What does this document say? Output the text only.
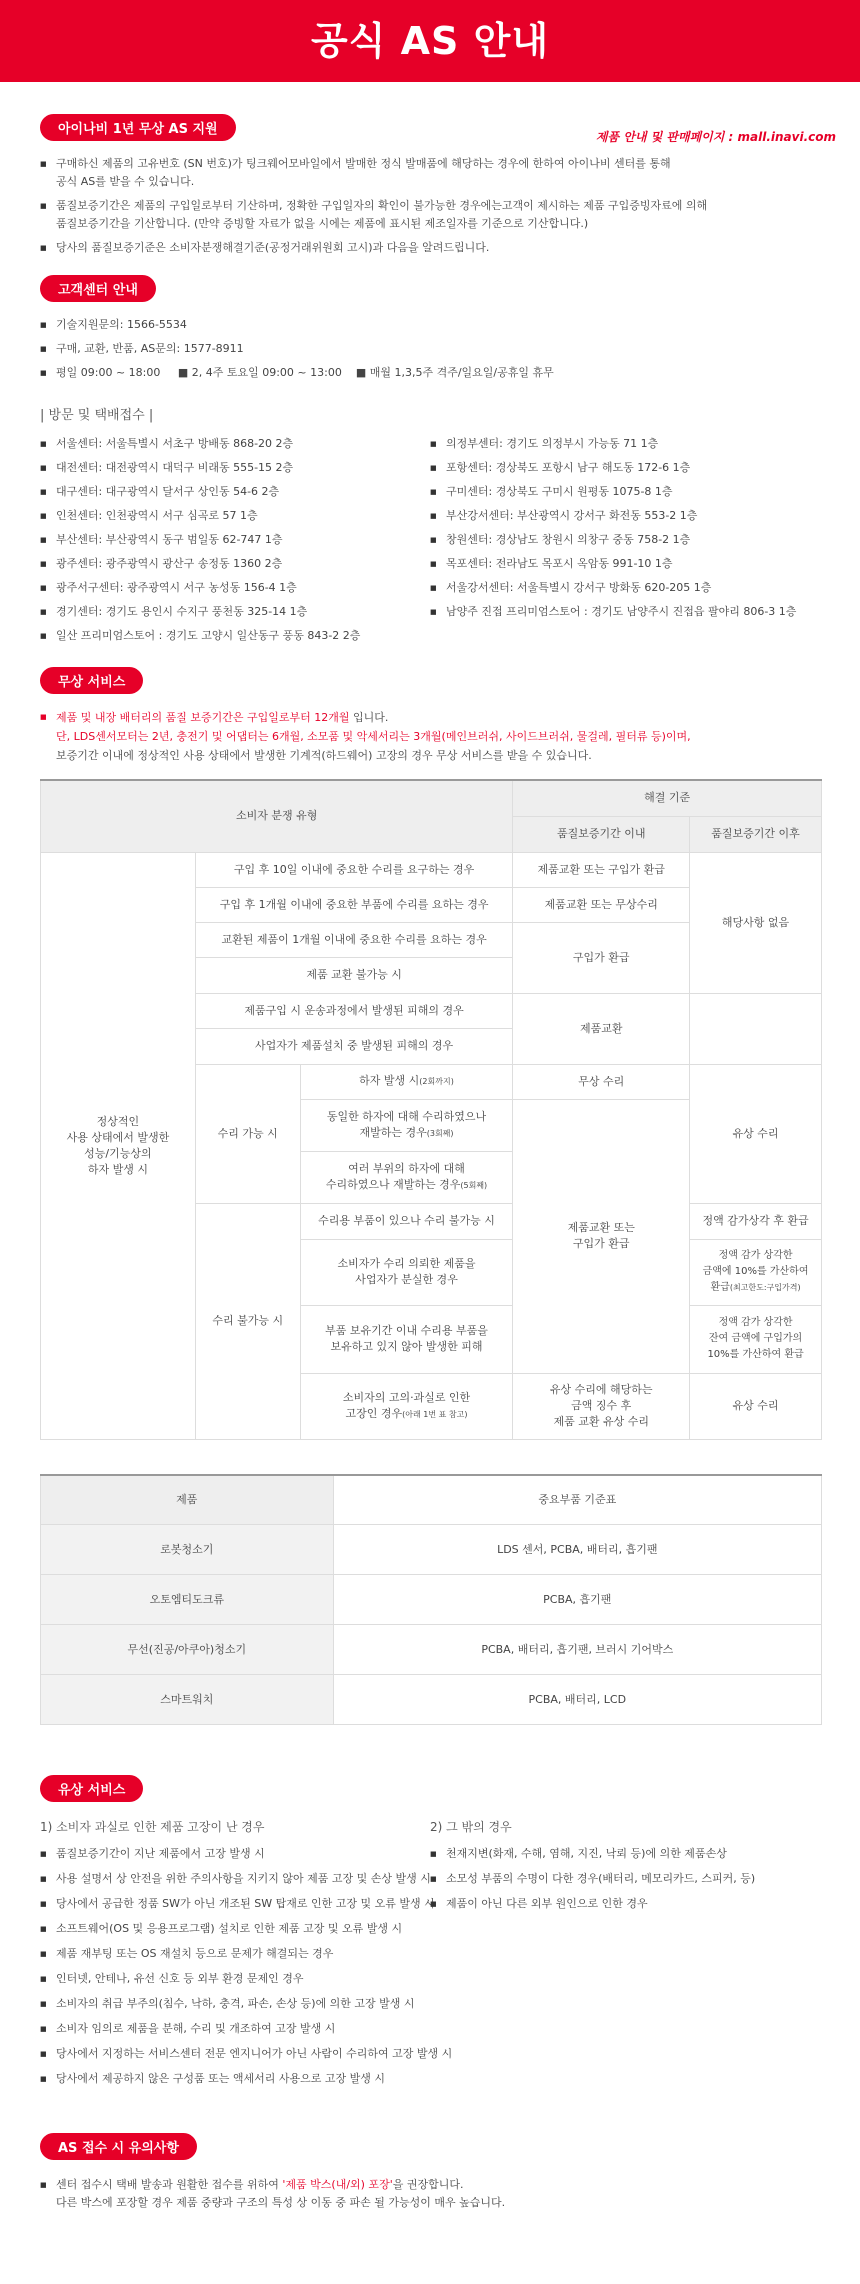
공식 AS 안내
제품 안내 및 판매페이지 : mall.inavi.com
아이나비 1년 무상 AS 지원
■ 구매하신 제품의 고유번호 (SN 번호)가 팅크웨어모바일에서 발매한 정식 발매품에 해당하는 경우에 한하여 아이나비 센터를 통해
공식 AS를 받을 수 있습니다.
■ 품질보증기간은 제품의 구입일로부터 기산하며, 정확한 구입일자의 확인이 불가능한 경우에는고객이 제시하는 제품 구입증빙자료에 의해
품질보증기간을 기산합니다. (만약 증빙할 자료가 없을 시에는 제품에 표시된 제조일자를 기준으로 기산합니다.)
■ 당사의 품질보증기준은 소비자분쟁해결기준(공정거래위원회 고시)과 다음을 알려드립니다.
고객센터 안내
■ 기술지원문의: 1566-5534
■ 구매, 교환, 반품, AS문의: 1577-8911
■ 평일 09:00 ~ 18:00     ■ 2, 4주 토요일 09:00 ~ 13:00    ■ 매월 1,3,5주 격주/일요일/공휴일 휴무
| 방문 및 택배접수 |
■ 서울센터: 서울특별시 서초구 방배동 868-20 2층
■ 대전센터: 대전광역시 대덕구 비래동 555-15 2층
■ 대구센터: 대구광역시 달서구 상인동 54-6 2층
■ 인천센터: 인천광역시 서구 심곡로 57 1층
■ 부산센터: 부산광역시 동구 범일동 62-747 1층
■ 광주센터: 광주광역시 광산구 송정동 1360 2층
■ 광주서구센터: 광주광역시 서구 농성동 156-4 1층
■ 경기센터: 경기도 용인시 수지구 풍천동 325-14 1층
■ 일산 프리미엄스토어 : 경기도 고양시 일산동구 풍동 843-2 2층
■ 의정부센터: 경기도 의정부시 가능동 71 1층
■ 포항센터: 경상북도 포항시 남구 해도동 172-6 1층
■ 구미센터: 경상북도 구미시 원평동 1075-8 1층
■ 부산강서센터: 부산광역시 강서구 화전동 553-2 1층
■ 창원센터: 경상남도 창원시 의창구 중동 758-2 1층
■ 목포센터: 전라남도 목포시 옥암동 991-10 1층
■ 서울강서센터: 서울특별시 강서구 방화동 620-205 1층
■ 남양주 진접 프리미엄스토어 : 경기도 남양주시 진접읍 팔야리 806-3 1층
무상 서비스
■ 제품 및 내장 배터리의 품질 보증기간은 구입일로부터 12개월 입니다.
단, LDS센서모터는 2년, 충전기 및 어댑터는 6개월, 소모품 및 악세서리는 3개월(메인브러쉬, 사이드브러쉬, 물걸레, 필터류 등)이며,
보증기간 이내에 정상적인 사용 상태에서 발생한 기계적(하드웨어) 고장의 경우 무상 서비스를 받을 수 있습니다.
소비자 분쟁 유형			해결 기준	
			품질보증기간 이내	품질보증기간 이후
정상적인
사용 상태에서 발생한
성능/기능상의
하자 발생 시	구입 후 10일 이내에 중요한 수리를 요구하는 경우		제품교환 또는 구입가 환급	해당사항 없음
	구입 후 1개월 이내에 중요한 부품에 수리를 요하는 경우		제품교환 또는 무상수리	
	교환된 제품이 1개월 이내에 중요한 수리를 요하는 경우		구입가 환급	
	제품 교환 불가능 시			
	제품구입 시 운송과정에서 발생된 피해의 경우		제품교환	
	사업자가 제품설치 중 발생된 피해의 경우			
	수리 가능 시	하자 발생 시(2회까지)	무상 수리	유상 수리
		동일한 하자에 대해 수리하였으나
재발하는 경우(3회째)	제품교환 또는
구입가 환급	
		여러 부위의 하자에 대해
수리하였으나 재발하는 경우(5회째)		
	수리 불가능 시	수리용 부품이 있으나 수리 불가능 시		정액 감가상각 후 환급
		소비자가 수리 의뢰한 제품을
사업자가 분실한 경우		정액 감가 상각한
금액에 10%를 가산하여
환급(최고한도:구입가격)
		부품 보유기간 이내 수리용 부품을
보유하고 있지 않아 발생한 피해		정액 감가 상각한
잔여 금액에 구입가의
10%를 가산하여 환급
		소비자의 고의·과실로 인한
고장인 경우(아래 1번 표 참고)	유상 수리에 해당하는
금액 징수 후
제품 교환 유상 수리	유상 수리
제품	중요부품 기준표
로봇청소기	LDS 센서, PCBA, 배터리, 흡기팬
오토엠티도크류	PCBA, 흡기팬
무선(진공/아쿠아)청소기	PCBA, 배터리, 흡기팬, 브러시 기어박스
스마트워치	PCBA, 배터리, LCD
유상 서비스
1) 소비자 과실로 인한 제품 고장이 난 경우
■ 품질보증기간이 지난 제품에서 고장 발생 시
■ 사용 설명서 상 안전을 위한 주의사항을 지키지 않아 제품 고장 및 손상 발생 시
■ 당사에서 공급한 정품 SW가 아닌 개조된 SW 탑재로 인한 고장 및 오류 발생 시
■ 소프트웨어(OS 및 응용프로그램) 설치로 인한 제품 고장 및 오류 발생 시
■ 제품 재부팅 또는 OS 재설치 등으로 문제가 해결되는 경우
■ 인터넷, 안테나, 유선 신호 등 외부 환경 문제인 경우
■ 소비자의 취급 부주의(침수, 낙하, 충격, 파손, 손상 등)에 의한 고장 발생 시
■ 소비자 임의로 제품을 분해, 수리 및 개조하여 고장 발생 시
■ 당사에서 지정하는 서비스센터 전문 엔지니어가 아닌 사람이 수리하여 고장 발생 시
■ 당사에서 제공하지 않은 구성품 또는 액세서리 사용으로 고장 발생 시
2) 그 밖의 경우
■ 천재지변(화재, 수해, 염해, 지진, 낙뢰 등)에 의한 제품손상
■ 소모성 부품의 수명이 다한 경우(배터리, 메모리카드, 스피커, 등)
■ 제품이 아닌 다른 외부 원인으로 인한 경우
AS 접수 시 유의사항
■ 센터 접수시 택배 발송과 원활한 접수를 위하여 '제품 박스(내/외) 포장'을 권장합니다.
다른 박스에 포장할 경우 제품 중량과 구조의 특성 상 이동 중 파손 될 가능성이 매우 높습니다.
